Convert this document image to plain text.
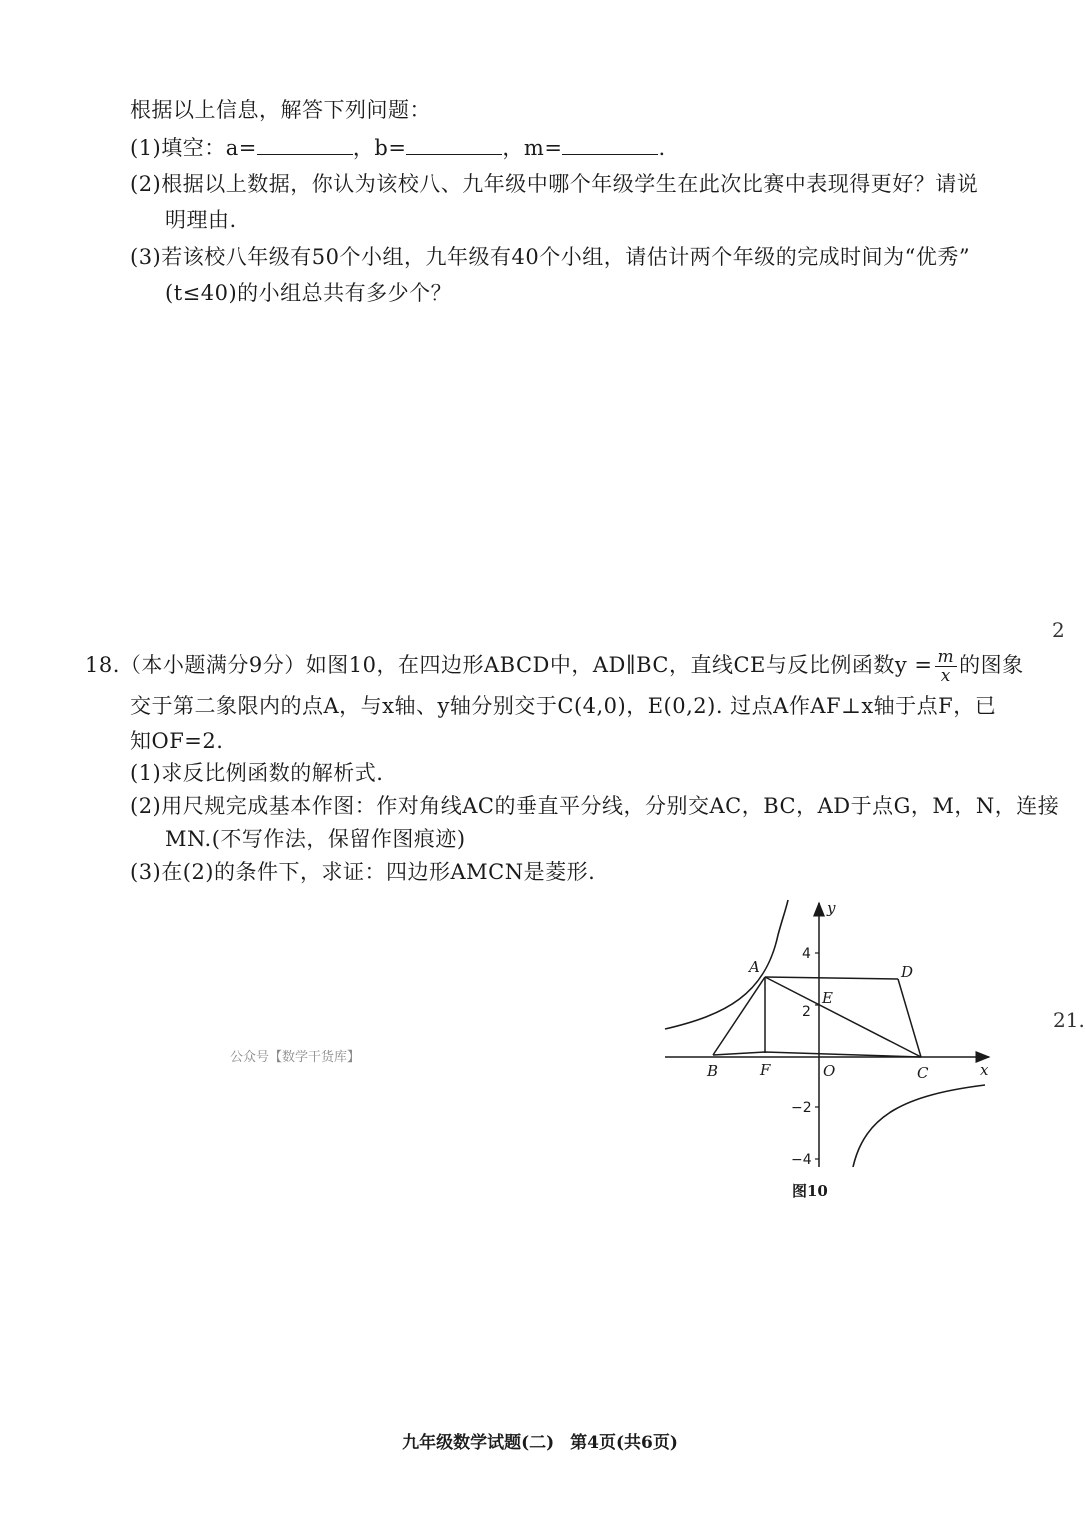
根据以上信息，解答下列问题：
(1)填空：a=	，b=	，m=	.
(2)根据以上数据，你认为该校八、九年级中哪个年级学生在此次比赛中表现得更好？请说
明理由.
(3)若该校八年级有50个小组，九年级有40个小组，请估计两个年级的完成时间为“优秀”
(t≤40)的小组总共有多少个？
2
21.
18.（本小题满分9分）如图10，在四边形ABCD中，AD∥BC，直线CE与反比例函数$y = \frac{m}{x}$ 的图象
交于第二象限内的点A，与x轴、y轴分别交于C(4,0)，E(0,2). 过点A作AF⊥x轴于点F，已
知OF=2.
(1)求反比例函数的解析式.
(2)用尺规完成基本作图：作对角线AC的垂直平分线，分别交AC，BC，AD于点G，M，N，连接
MN.(不写作法，保留作图痕迹)
(3)在(2)的条件下，求证：四边形AMCN是菱形.
公众号【数学干货库】
4
2
−2
−4
y
x
O
A
B	C
D
E
F
图10
九年级数学试题(二) 第4页(共6页)
